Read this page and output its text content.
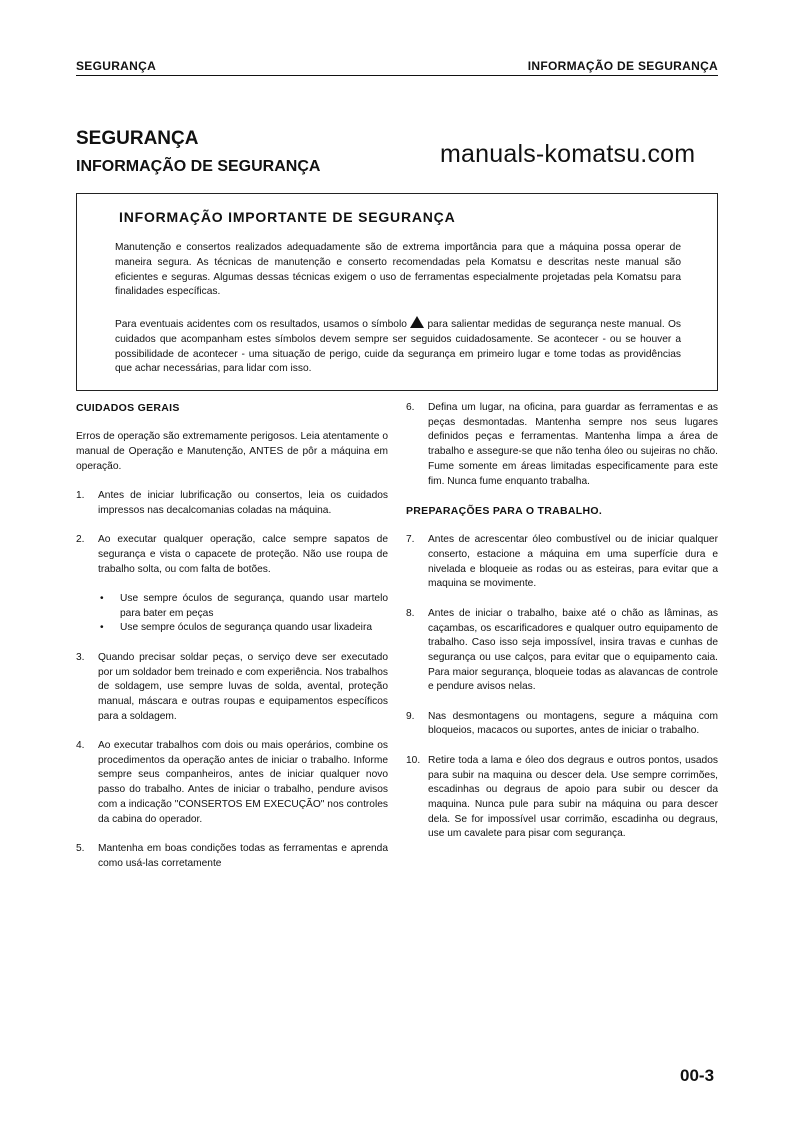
SEGURANÇA	INFORMAÇÃO DE SEGURANÇA
SEGURANÇA
INFORMAÇÃO DE SEGURANÇA	manuals-komatsu.com
INFORMAÇÃO IMPORTANTE DE SEGURANÇA

Manutenção e consertos realizados adequadamente são de extrema importância para que a máquina possa operar de maneira segura. As técnicas de manutenção e conserto recomendadas pela Komatsu e descritas neste manual são eficientes e seguras. Algumas dessas técnicas exigem o uso de ferramentas especialmente projetadas pela Komatsu para finalidades específicas.

Para eventuais acidentes com os resultados, usamos o símbolo para salientar medidas de segurança neste manual. Os cuidados que acompanham estes símbolos devem sempre ser seguidos cuidadosamente. Se acontecer - ou se houver a possibilidade de acontecer - uma situação de perigo, cuide da segurança em primeiro lugar e tome todas as providências que achar necessárias, para lidar com isso.

CUIDADOS GERAIS

Erros de operação são extremamente perigosos. Leia atentamente o manual de Operação e Manutenção, ANTES de pôr a máquina em operação.

1. Antes de iniciar lubrificação ou consertos, leia os cuidados impressos nas decalcomanias coladas na máquina.
2. Ao executar qualquer operação, calce sempre sapatos de segurança e vista o capacete de proteção. Não use roupa de trabalho solta, ou com falta de botões.
• Use sempre óculos de segurança, quando usar martelo para bater em peças
• Use sempre óculos de segurança quando usar lixadeira
3. Quando precisar soldar peças, o serviço deve ser executado por um soldador bem treinado e com experiência. Nos trabalhos de soldagem, use sempre luvas de solda, avental, proteção manual, máscara e outras roupas e equipamentos específicos para a soldagem.
4. Ao executar trabalhos com dois ou mais operários, combine os procedimentos da operação antes de iniciar o trabalho. Informe sempre seus companheiros, antes de iniciar qualquer novo passo do trabalho. Antes de iniciar o trabalho, pendure avisos com a indicação "CONSERTOS EM EXECUÇÃO" nos controles da cabina do operador.
5. Mantenha em boas condições todas as ferramentas e aprenda como usá-las corretamente
6. Defina um lugar, na oficina, para guardar as ferramentas e as peças desmontadas. Mantenha sempre nos seus lugares definidos peças e ferramentas. Mantenha limpa a área de trabalho e assegure-se que não tenha óleo ou sujeiras no chão. Fume somente em áreas limitadas especificamente para este fim. Nunca fume enquanto trabalha.

PREPARAÇÕES PARA O TRABALHO.

7. Antes de acrescentar óleo combustível ou de iniciar qualquer conserto, estacione a máquina em uma superfície dura e nivelada e bloqueie as rodas ou as esteiras, para evitar que a maquina se movimente.
8. Antes de iniciar o trabalho, baixe até o chão as lâminas, as caçambas, os escarificadores e qualquer outro equipamento de trabalho. Caso isso seja impossível, insira travas e cunhas de segurança ou use calços, para evitar que o equipamento caia. Para maior segurança, bloqueie todas as alavancas de controle e pendure avisos nelas.
9. Nas desmontagens ou montagens, segure a máquina com bloqueios, macacos ou suportes, antes de iniciar o trabalho.
10. Retire toda a lama e óleo dos degraus e outros pontos, usados para subir na maquina ou descer dela. Use sempre corrimões, escadinhas ou degraus de apoio para subir ou descer da maquina. Nunca pule para subir na máquina ou para descer dela. Se for impossível usar corrimão, escadinha ou degraus, use um cavalete para pisar com segurança.
00-3
